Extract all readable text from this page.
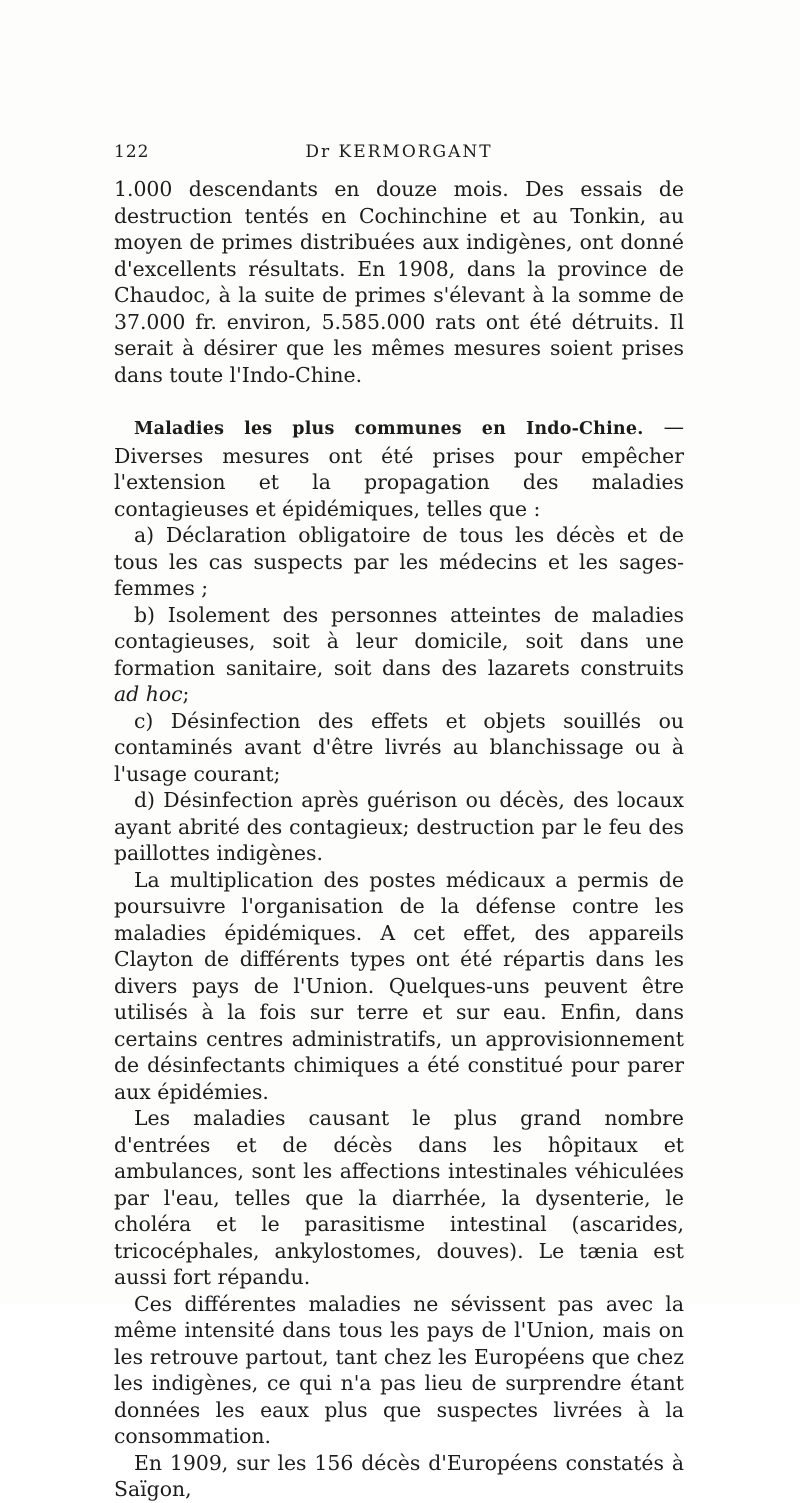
122	Dr KERMORGANT

1.000 descendants en douze mois. Des essais de destruction tentés en Cochinchine et au Tonkin, au moyen de primes distribuées aux indigènes, ont donné d'excellents résultats. En 1908, dans la province de Chaudoc, à la suite de primes s'élevant à la somme de 37.000 fr. environ, 5.585.000 rats ont été détruits. Il serait à désirer que les mêmes mesures soient prises dans toute l'Indo-Chine.

Maladies les plus communes en Indo-Chine. — Diverses mesures ont été prises pour empêcher l'extension et la propagation des maladies contagieuses et épidémiques, telles que :

a) Déclaration obligatoire de tous les décès et de tous les cas suspects par les médecins et les sages-femmes ;

b) Isolement des personnes atteintes de maladies contagieuses, soit à leur domicile, soit dans une formation sanitaire, soit dans des lazarets construits ad hoc;

c) Désinfection des effets et objets souillés ou contaminés avant d'être livrés au blanchissage ou à l'usage courant;

d) Désinfection après guérison ou décès, des locaux ayant abrité des contagieux; destruction par le feu des paillottes indigènes.

La multiplication des postes médicaux a permis de poursuivre l'organisation de la défense contre les maladies épidémiques. A cet effet, des appareils Clayton de différents types ont été répartis dans les divers pays de l'Union. Quelques-uns peuvent être utilisés à la fois sur terre et sur eau. Enfin, dans certains centres administratifs, un approvisionnement de désinfectants chimiques a été constitué pour parer aux épidémies.

Les maladies causant le plus grand nombre d'entrées et de décès dans les hôpitaux et ambulances, sont les affections intestinales véhiculées par l'eau, telles que la diarrhée, la dysenterie, le choléra et le parasitisme intestinal (ascarides, tricocéphales, ankylostomes, douves). Le tænia est aussi fort répandu.

Ces différentes maladies ne sévissent pas avec la même intensité dans tous les pays de l'Union, mais on les retrouve partout, tant chez les Européens que chez les indigènes, ce qui n'a pas lieu de surprendre étant données les eaux plus que suspectes livrées à la consommation.

En 1909, sur les 156 décès d'Européens constatés à Saïgon,
